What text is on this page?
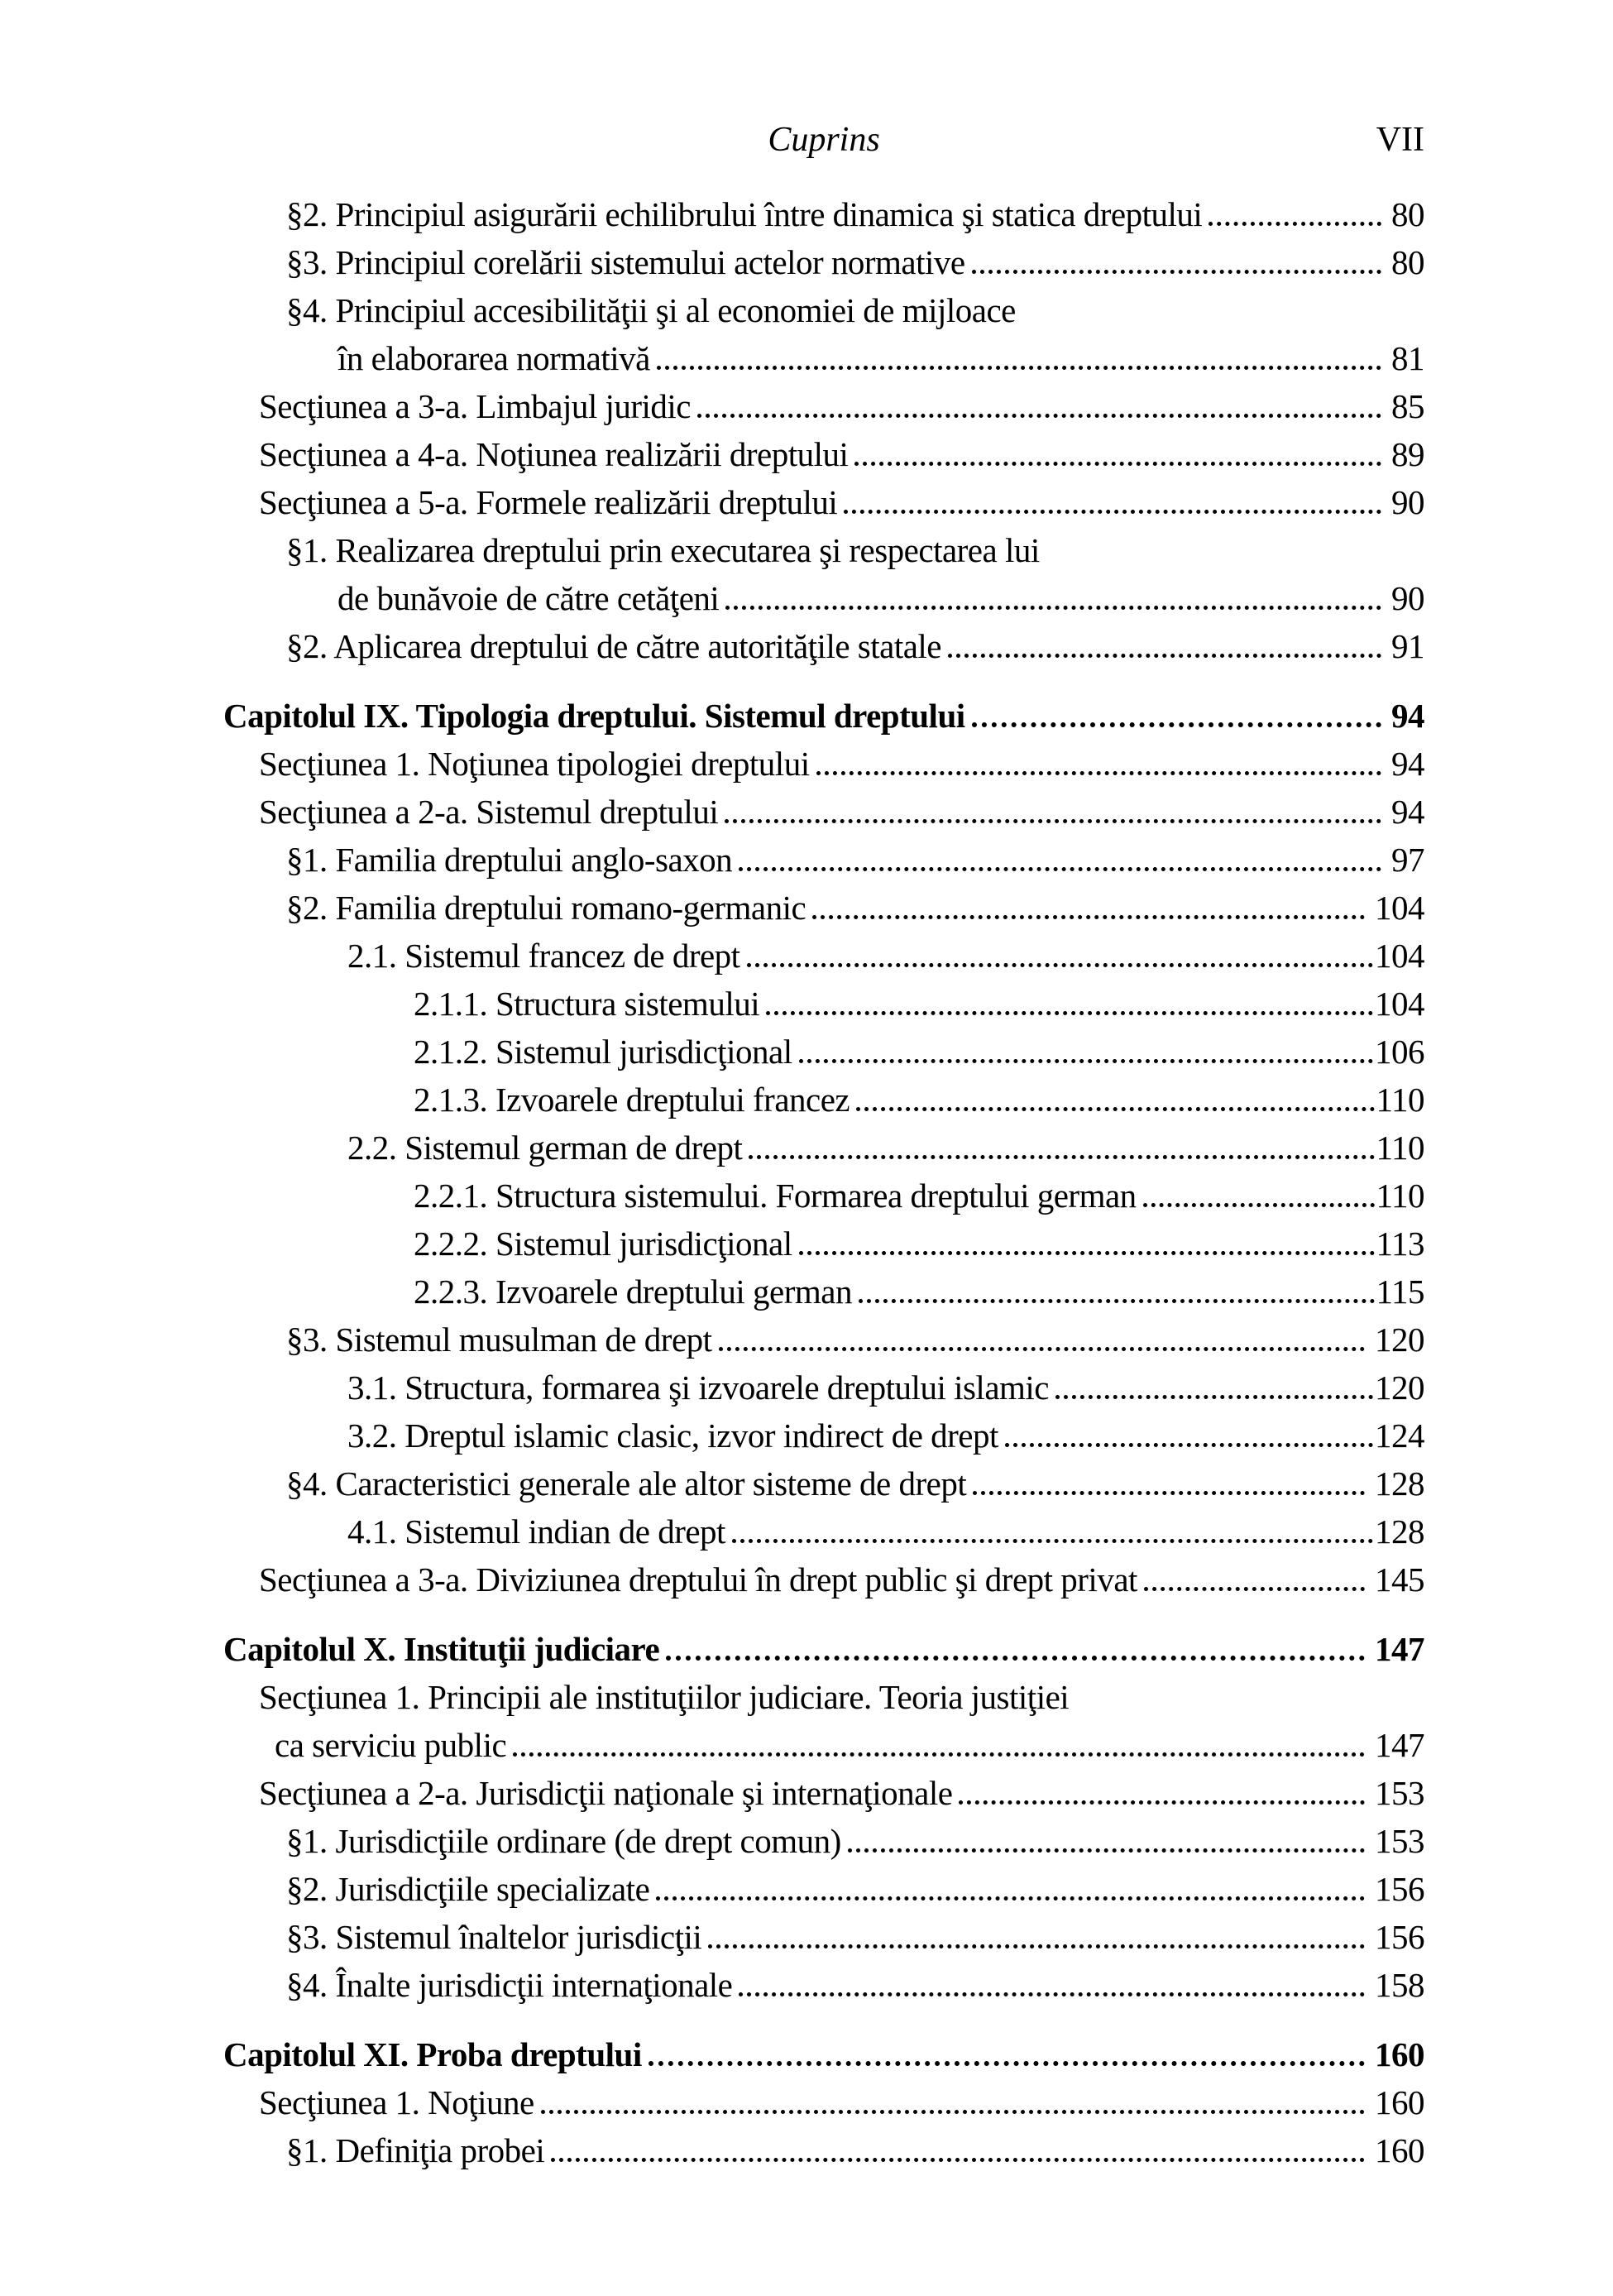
Cuprins	VII
§2. Principiul asigurării echilibrului între dinamica şi statica dreptului	80
§3. Principiul corelării sistemului actelor normative	80
§4. Principiul accesibilităţii şi al economiei de mijloace
în elaborarea normativă	81
Secţiunea a 3-a. Limbajul juridic	85
Secţiunea a 4-a. Noţiunea realizării dreptului	89
Secţiunea a 5-a. Formele realizării dreptului	90
§1. Realizarea dreptului prin executarea şi respectarea lui
de bunăvoie de către cetăţeni	90
§2. Aplicarea dreptului de către autorităţile statale	91
Capitolul IX. Tipologia dreptului. Sistemul dreptului	94
Secţiunea 1. Noţiunea tipologiei dreptului	94
Secţiunea a 2-a. Sistemul dreptului	94
§1. Familia dreptului anglo-saxon	97
§2. Familia dreptului romano-germanic	104
2.1. Sistemul francez de drept	104
2.1.1. Structura sistemului	104
2.1.2. Sistemul jurisdicţional	106
2.1.3. Izvoarele dreptului francez	110
2.2. Sistemul german de drept	110
2.2.1. Structura sistemului. Formarea dreptului german	110
2.2.2. Sistemul jurisdicţional	113
2.2.3. Izvoarele dreptului german	115
§3. Sistemul musulman de drept	120
3.1. Structura, formarea şi izvoarele dreptului islamic	120
3.2. Dreptul islamic clasic, izvor indirect de drept	124
§4. Caracteristici generale ale altor sisteme de drept	128
4.1. Sistemul indian de drept	128
Secţiunea a 3-a. Diviziunea dreptului în drept public şi drept privat	145
Capitolul X. Instituţii judiciare	147
Secţiunea 1. Principii ale instituţiilor judiciare. Teoria justiţiei
ca serviciu public	147
Secţiunea a 2-a. Jurisdicţii naţionale şi internaţionale	153
§1. Jurisdicţiile ordinare (de drept comun)	153
§2. Jurisdicţiile specializate	156
§3. Sistemul înaltelor jurisdicţii	156
§4. Înalte jurisdicţii internaţionale	158
Capitolul XI. Proba dreptului	160
Secţiunea 1. Noţiune	160
§1. Definiţia probei	160
